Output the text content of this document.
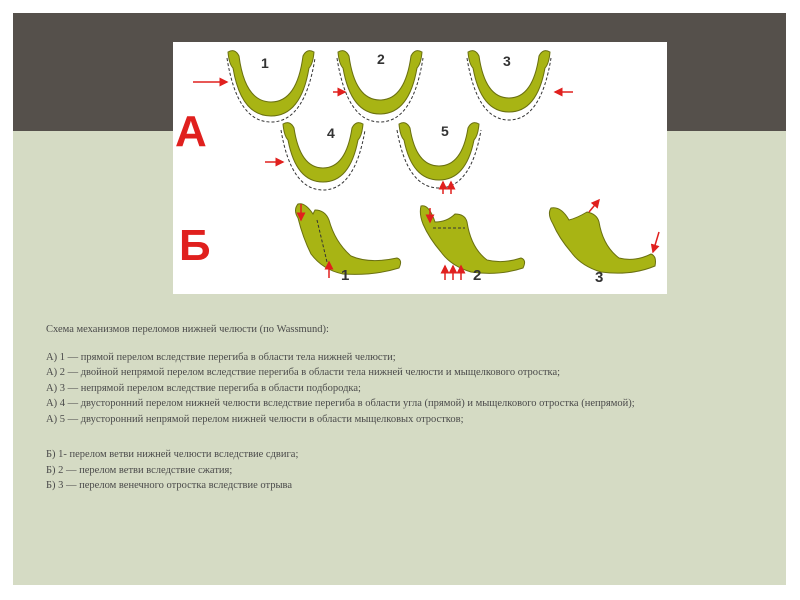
А
Б
1	2	3
4	5
1	2	3

Схема механизмов переломов нижней челюсти (по Wassmund):

А) 1 — прямой перелом вследствие перегиба в области тела нижней челюсти;

А) 2 — двойной непрямой перелом вследствие перегиба в области тела нижней челюсти и мыщелкового отростка;

А) 3 — непрямой перелом вследствие перегиба в области подбородка;

А) 4 — двусторонний перелом нижней челюсти вследствие перегиба в области угла (прямой) и мыщелкового отростка (непрямой);

А) 5 — двусторонний непрямой перелом нижней челюсти в области мыщелковых отростков;

Б) 1- перелом ветви нижней челюсти вследствие сдвига;

Б) 2 — перелом ветви вследствие сжатия;

Б) 3 — перелом венечного отростка вследствие отрыва
